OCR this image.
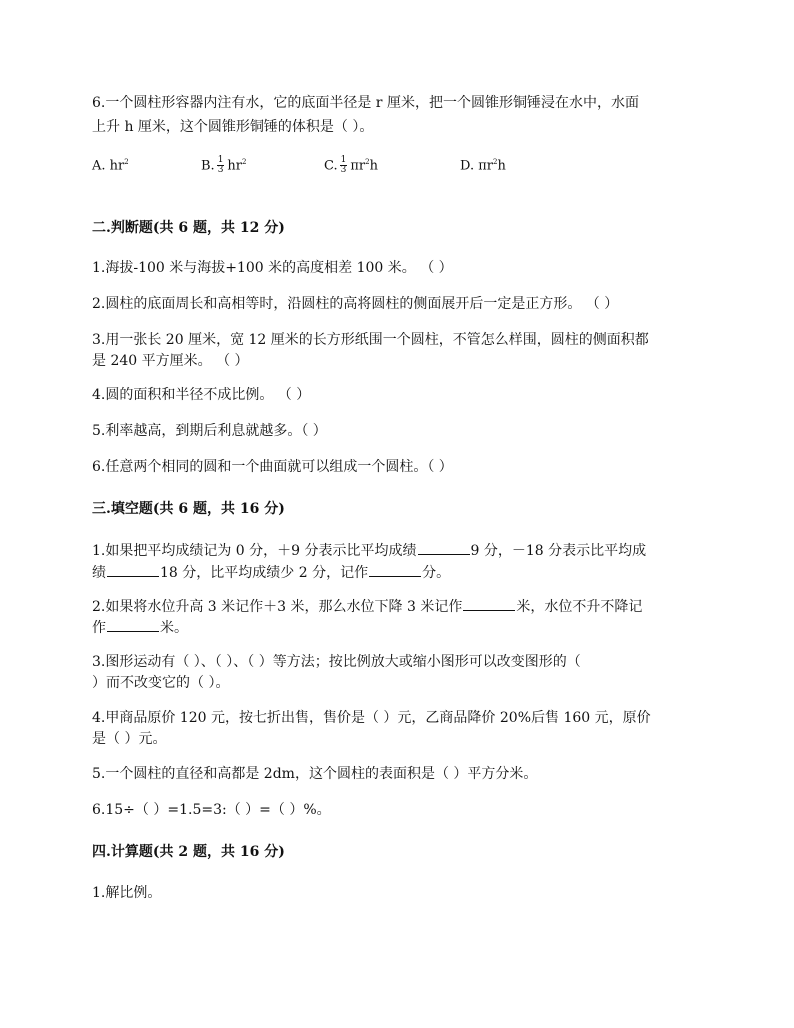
6.一个圆柱形容器内注有水，它的底面半径是 r 厘米，把一个圆锥形铜锤浸在水中，水面
上升 h 厘米，这个圆锥形铜锤的体积是（ ）。
A. $hr^2$	B. $\frac{1}{3} hr^2$	C. $\frac{1}{3} \pi r^2h$	D. $\pi r^2h$
二.判断题(共 6 题，共 12 分)
1.海拔-100 米与海拔+100 米的高度相差 100 米。 （ ）
2.圆柱的底面周长和高相等时，沿圆柱的高将圆柱的侧面展开后一定是正方形。 （ ）
3.用一张长 20 厘米，宽 12 厘米的长方形纸围一个圆柱，不管怎么样围，圆柱的侧面积都
是 240 平方厘米。 （ ）
4.圆的面积和半径不成比例。 （ ）
5.利率越高，到期后利息就越多。（ ）
6.任意两个相同的圆和一个曲面就可以组成一个圆柱。（ ）
三.填空题(共 6 题，共 16 分)
1.如果把平均成绩记为 0 分，＋9 分表示比平均成绩	9 分，－18 分表示比平均成
绩	18 分，比平均成绩少 2 分，记作	分。
2.如果将水位升高 3 米记作＋3 米，那么水位下降 3 米记作	米，水位不升不降记
作	米。
3.图形运动有（ ）、（ ）、（ ）等方法；按比例放大或缩小图形可以改变图形的（
）而不改变它的（ ）。
4.甲商品原价 120 元，按七折出售，售价是（ ）元，乙商品降价 20%后售 160 元，原价
是（ ）元。
5.一个圆柱的直径和高都是 2dm，这个圆柱的表面积是（ ）平方分米。
6.15÷（ ）=1.5=3:（ ）=（ ）%。
四.计算题(共 2 题，共 16 分)
1.解比例。
